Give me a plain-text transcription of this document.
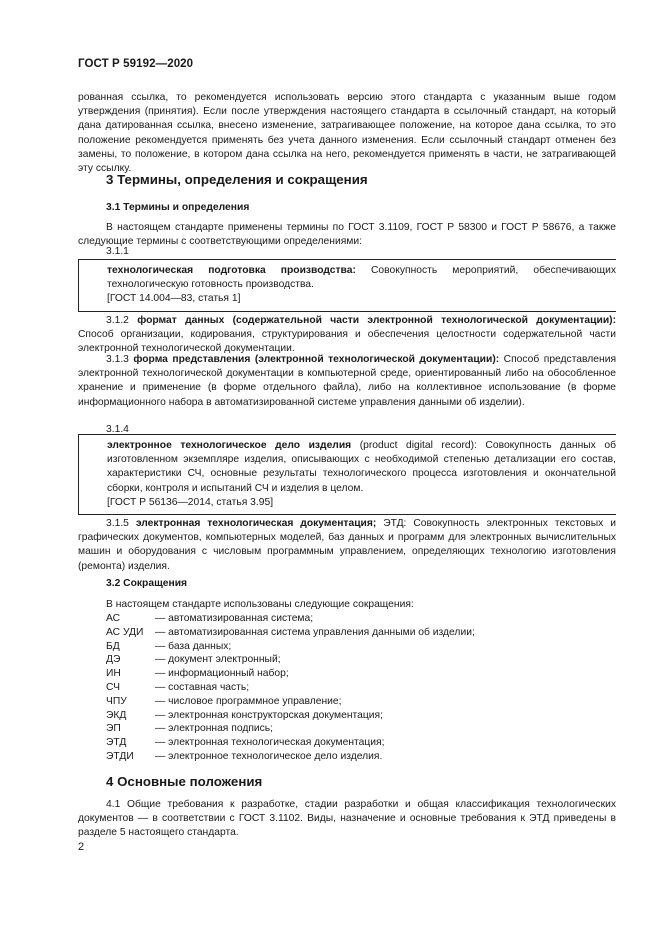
ГОСТ Р 59192—2020
рованная ссылка, то рекомендуется использовать версию этого стандарта с указанным выше годом утверждения (принятия). Если после утверждения настоящего стандарта в ссылочный стандарт, на который дана датированная ссылка, внесено изменение, затрагивающее положение, на которое дана ссылка, то это положение рекомендуется применять без учета данного изменения. Если ссылочный стандарт отменен без замены, то положение, в котором дана ссылка на него, рекомендуется применять в части, не затрагивающей эту ссылку.
3 Термины, определения и сокращения
3.1 Термины и определения
В настоящем стандарте применены термины по ГОСТ 3.1109, ГОСТ Р 58300 и ГОСТ Р 58676, а также следующие термины с соответствующими определениями:
3.1.1
технологическая подготовка производства: Совокупность мероприятий, обеспечивающих технологическую готовность производства.
[ГОСТ 14.004—83, статья 1]
3.1.2 формат данных (содержательной части электронной технологической документации): Способ организации, кодирования, структурирования и обеспечения целостности содержательной части электронной технологической документации.
3.1.3 форма представления (электронной технологической документации): Способ представления электронной технологической документации в компьютерной среде, ориентированный либо на обособленное хранение и применение (в форме отдельного файла), либо на коллективное использование (в форме информационного набора в автоматизированной системе управления данными об изделии).
3.1.4
электронное технологическое дело изделия (product digital record): Совокупность данных об изготовленном экземпляре изделия, описывающих с необходимой степенью детализации его состав, характеристики СЧ, основные результаты технологического процесса изготовления и окончательной сборки, контроля и испытаний СЧ и изделия в целом.
[ГОСТ Р 56136—2014, статья 3.95]
3.1.5 электронная технологическая документация; ЭТД: Совокупность электронных текстовых и графических документов, компьютерных моделей, баз данных и программ для электронных вычислительных машин и оборудования с числовым программным управлением, определяющих технологию изготовления (ремонта) изделия.
3.2 Сокращения
В настоящем стандарте использованы следующие сокращения:
АС	— автоматизированная система;
АС УДИ	— автоматизированная система управления данными об изделии;
БД	— база данных;
ДЭ	— документ электронный;
ИН	— информационный набор;
СЧ	— составная часть;
ЧПУ	— числовое программное управление;
ЭКД	— электронная конструкторская документация;
ЭП	— электронная подпись;
ЭТД	— электронная технологическая документация;
ЭТДИ	— электронное технологическое дело изделия.
4 Основные положения
4.1 Общие требования к разработке, стадии разработки и общая классификация технологических документов — в соответствии с ГОСТ 3.1102. Виды, назначение и основные требования к ЭТД приведены в разделе 5 настоящего стандарта.
2
